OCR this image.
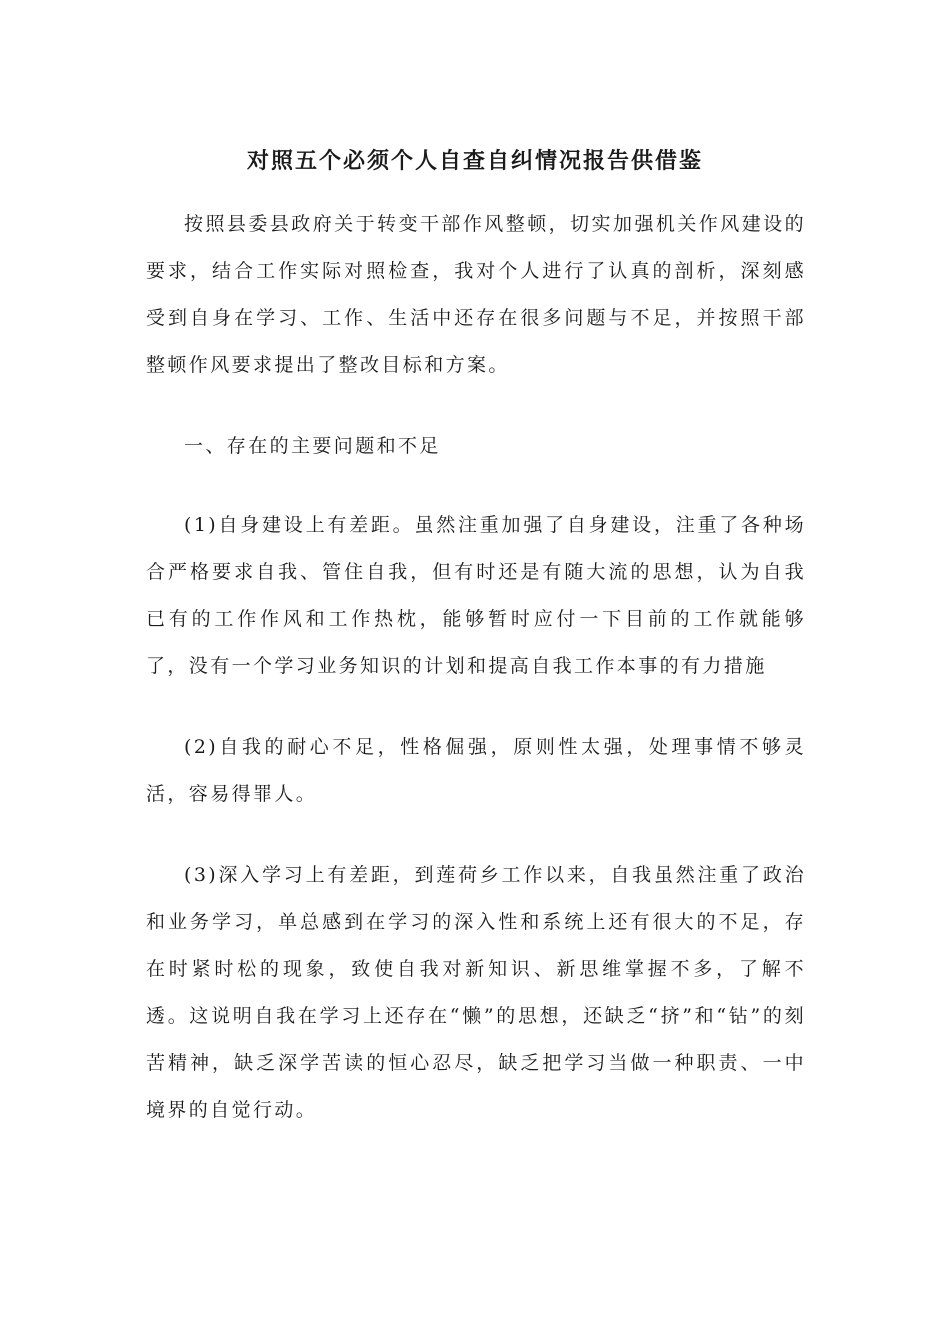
对照五个必须个人自查自纠情况报告供借鉴

按照县委县政府关于转变干部作风整顿，切实加强机关作风建设的要求，结合工作实际对照检查，我对个人进行了认真的剖析，深刻感受到自身在学习、工作、生活中还存在很多问题与不足，并按照干部整顿作风要求提出了整改目标和方案。

一、存在的主要问题和不足

(1)自身建设上有差距。虽然注重加强了自身建设，注重了各种场合严格要求自我、管住自我，但有时还是有随大流的思想，认为自我已有的工作作风和工作热枕，能够暂时应付一下目前的工作就能够了，没有一个学习业务知识的计划和提高自我工作本事的有力措施

(2)自我的耐心不足，性格倔强，原则性太强，处理事情不够灵活，容易得罪人。

(3)深入学习上有差距，到莲荷乡工作以来，自我虽然注重了政治和业务学习，单总感到在学习的深入性和系统上还有很大的不足，存在时紧时松的现象，致使自我对新知识、新思维掌握不多，了解不透。这说明自我在学习上还存在“懒”的思想，还缺乏“挤”和“钻”的刻苦精神，缺乏深学苦读的恒心忍尽，缺乏把学习当做一种职责、一中境界的自觉行动。
